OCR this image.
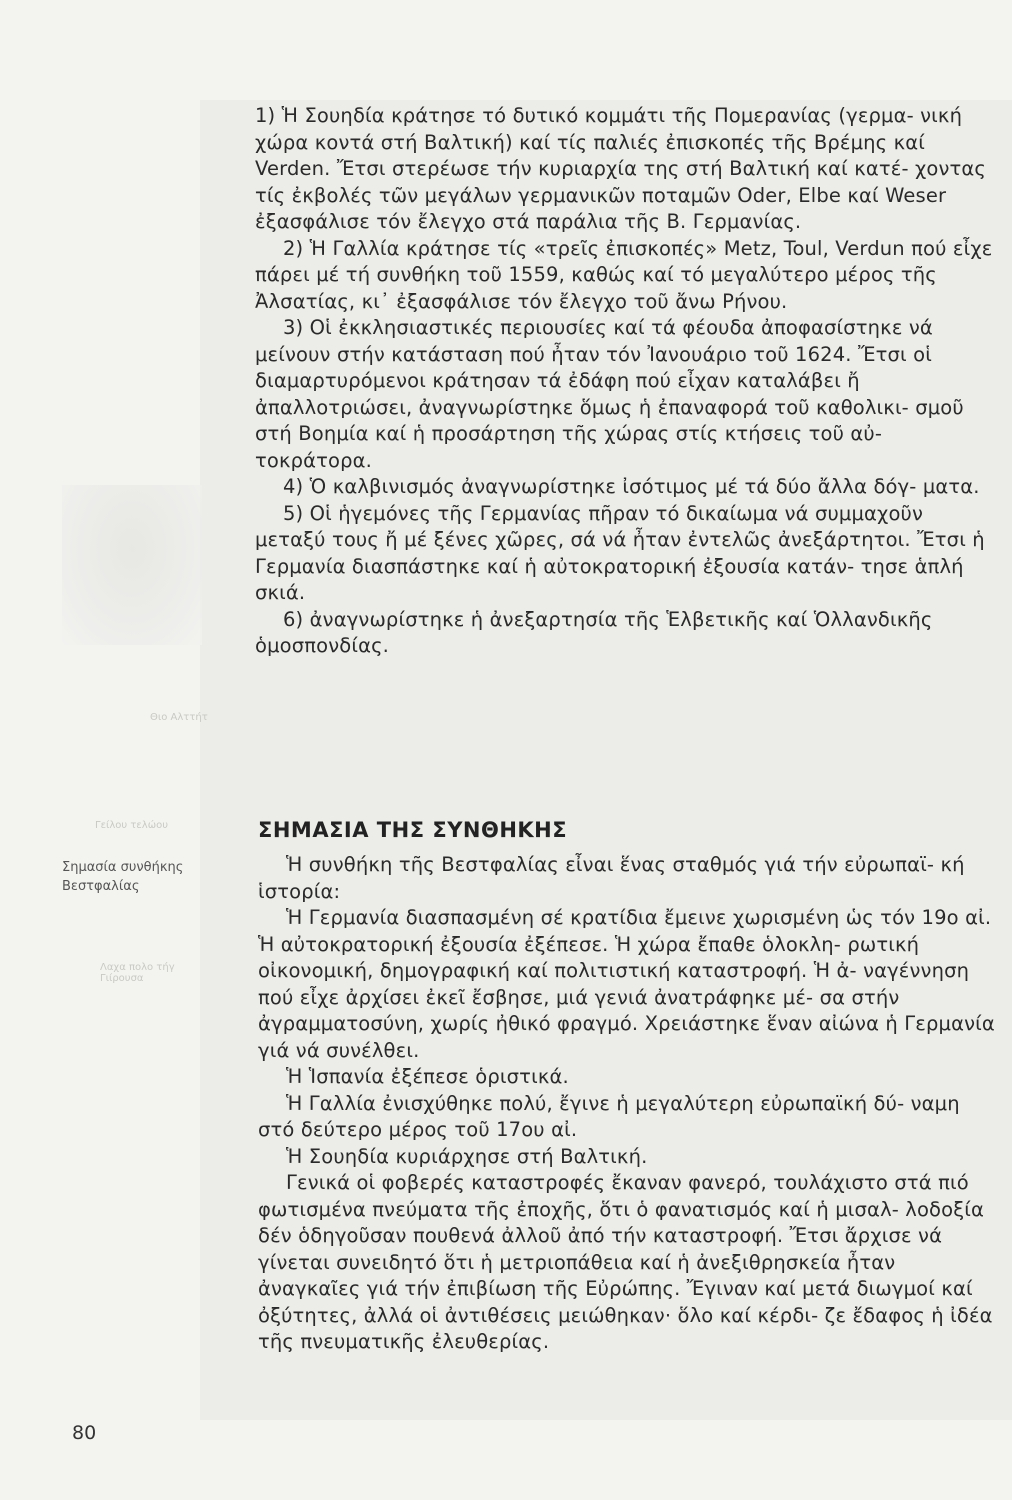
Θιο Αλττήτ
Γείλου τελώου
Λαχα πολο τήγ Γιίρουσα

1) Ἡ Σουηδία κράτησε τό δυτικό κομμάτι τῆς Πομερανίας (γερμα- νική χώρα κοντά στή Βαλτική) καί τίς παλιές ἐπισκοπές τῆς Βρέμης καί Verden. Ἔτσι στερέωσε τήν κυριαρχία της στή Βαλτική καί κατέ- χοντας τίς ἐκβολές τῶν μεγάλων γερμανικῶν ποταμῶν Oder, Elbe καί Weser ἐξασφάλισε τόν ἔλεγχο στά παράλια τῆς Β. Γερμανίας.

2) Ἡ Γαλλία κράτησε τίς «τρεῖς ἐπισκοπές» Metz, Toul, Verdun πού εἶχε πάρει μέ τή συνθήκη τοῦ 1559, καθώς καί τό μεγαλύτερο μέρος τῆς Ἀλσατίας, κι᾿ ἐξασφάλισε τόν ἔλεγχο τοῦ ἄνω Ρήνου.

3) Οἱ ἐκκλησιαστικές περιουσίες καί τά φέουδα ἀποφασίστηκε νά μείνουν στήν κατάσταση πού ἦταν τόν Ἰανουάριο τοῦ 1624. Ἔτσι οἱ διαμαρτυρόμενοι κράτησαν τά ἐδάφη πού εἶχαν καταλάβει ἤ ἀπαλλοτριώσει, ἀναγνωρίστηκε ὅμως ἡ ἐπαναφορά τοῦ καθολικι- σμοῦ στή Βοημία καί ἡ προσάρτηση τῆς χώρας στίς κτήσεις τοῦ αὐ- τοκράτορα.

4) Ὁ καλβινισμός ἀναγνωρίστηκε ἰσότιμος μέ τά δύο ἄλλα δόγ- ματα.

5) Οἱ ἡγεμόνες τῆς Γερμανίας πῆραν τό δικαίωμα νά συμμαχοῦν μεταξύ τους ἤ μέ ξένες χῶρες, σά νά ἦταν ἐντελῶς ἀνεξάρτητοι. Ἔτσι ἡ Γερμανία διασπάστηκε καί ἡ αὐτοκρατορική ἐξουσία κατάν- τησε ἁπλή σκιά.

6) ἀναγνωρίστηκε ἡ ἀνεξαρτησία τῆς Ἑλβετικῆς καί Ὁλλανδικῆς ὁμοσπονδίας.

ΣΗΜΑΣΙΑ ΤΗΣ ΣΥΝΘΗΚΗΣ
Σημασία συνθήκης Βεστφαλίας

Ἡ συνθήκη τῆς Βεστφαλίας εἶναι ἕνας σταθμός γιά τήν εὐρωπαϊ- κή ἱστορία:

Ἡ Γερμανία διασπασμένη σέ κρατίδια ἔμεινε χωρισμένη ὡς τόν 19ο αἰ. Ἡ αὐτοκρατορική ἐξουσία ἐξέπεσε. Ἡ χώρα ἔπαθε ὁλοκλη- ρωτική οἰκονομική, δημογραφική καί πολιτιστική καταστροφή. Ἡ ἀ- ναγέννηση πού εἶχε ἀρχίσει ἐκεῖ ἔσβησε, μιά γενιά ἀνατράφηκε μέ- σα στήν ἀγραμματοσύνη, χωρίς ἠθικό φραγμό. Χρειάστηκε ἕναν αἰώνα ἡ Γερμανία γιά νά συνέλθει.

Ἡ Ἱσπανία ἐξέπεσε ὁριστικά.

Ἡ Γαλλία ἐνισχύθηκε πολύ, ἔγινε ἡ μεγαλύτερη εὐρωπαϊκή δύ- ναμη στό δεύτερο μέρος τοῦ 17ου αἰ.

Ἡ Σουηδία κυριάρχησε στή Βαλτική.

Γενικά οἱ φοβερές καταστροφές ἔκαναν φανερό, τουλάχιστο στά πιό φωτισμένα πνεύματα τῆς ἐποχῆς, ὅτι ὁ φανατισμός καί ἡ μισαλ- λοδοξία δέν ὁδηγοῦσαν πουθενά ἀλλοῦ ἀπό τήν καταστροφή. Ἔτσι ἄρχισε νά γίνεται συνειδητό ὅτι ἡ μετριοπάθεια καί ἡ ἀνεξιθρησκεία ἦταν ἀναγκαῖες γιά τήν ἐπιβίωση τῆς Εὐρώπης. Ἔγιναν καί μετά διωγμοί καί ὀξύτητες, ἀλλά οἱ ἀντιθέσεις μειώθηκαν· ὅλο καί κέρδι- ζε ἔδαφος ἡ ἰδέα τῆς πνευματικῆς ἐλευθερίας.

80
